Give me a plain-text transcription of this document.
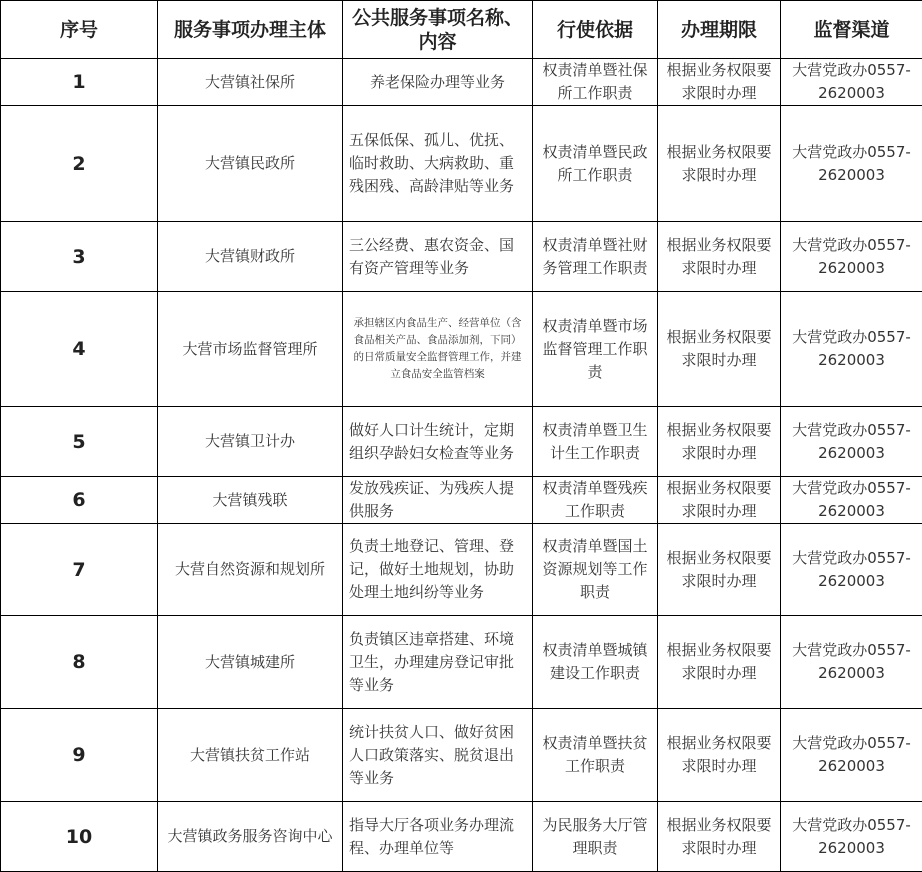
序号	服务事项办理主体	公共服务事项名称、内容	行使依据	办理期限	监督渠道
1	大营镇社保所	养老保险办理等业务	权责清单暨社保所工作职责	根据业务权限要求限时办理	大营党政办0557-2620003
2	大营镇民政所	五保低保、孤儿、优抚、临时救助、大病救助、重残困残、高龄津贴等业务	权责清单暨民政所工作职责	根据业务权限要求限时办理	大营党政办0557-2620003
3	大营镇财政所	三公经费、惠农资金、国有资产管理等业务	权责清单暨社财务管理工作职责	根据业务权限要求限时办理	大营党政办0557-2620003
4	大营市场监督管理所	承担辖区内食品生产、经营单位（含食品相关产品、食品添加剂，下同）的日常质量安全监督管理工作，并建立食品安全监管档案	权责清单暨市场监督管理工作职责	根据业务权限要求限时办理	大营党政办0557-2620003
5	大营镇卫计办	做好人口计生统计，定期组织孕龄妇女检查等业务	权责清单暨卫生计生工作职责	根据业务权限要求限时办理	大营党政办0557-2620003
6	大营镇残联	发放残疾证、为残疾人提供服务	权责清单暨残疾工作职责	根据业务权限要求限时办理	大营党政办0557-2620003
7	大营自然资源和规划所	负责土地登记、管理、登记，做好土地规划，协助处理土地纠纷等业务	权责清单暨国土资源规划等工作职责	根据业务权限要求限时办理	大营党政办0557-2620003
8	大营镇城建所	负责镇区违章搭建、环境卫生，办理建房登记审批等业务	权责清单暨城镇建设工作职责	根据业务权限要求限时办理	大营党政办0557-2620003
9	大营镇扶贫工作站	统计扶贫人口、做好贫困人口政策落实、脱贫退出等业务	权责清单暨扶贫工作职责	根据业务权限要求限时办理	大营党政办0557-2620003
10	大营镇政务服务咨询中心	指导大厅各项业务办理流程、办理单位等	为民服务大厅管理职责	根据业务权限要求限时办理	大营党政办0557-2620003
